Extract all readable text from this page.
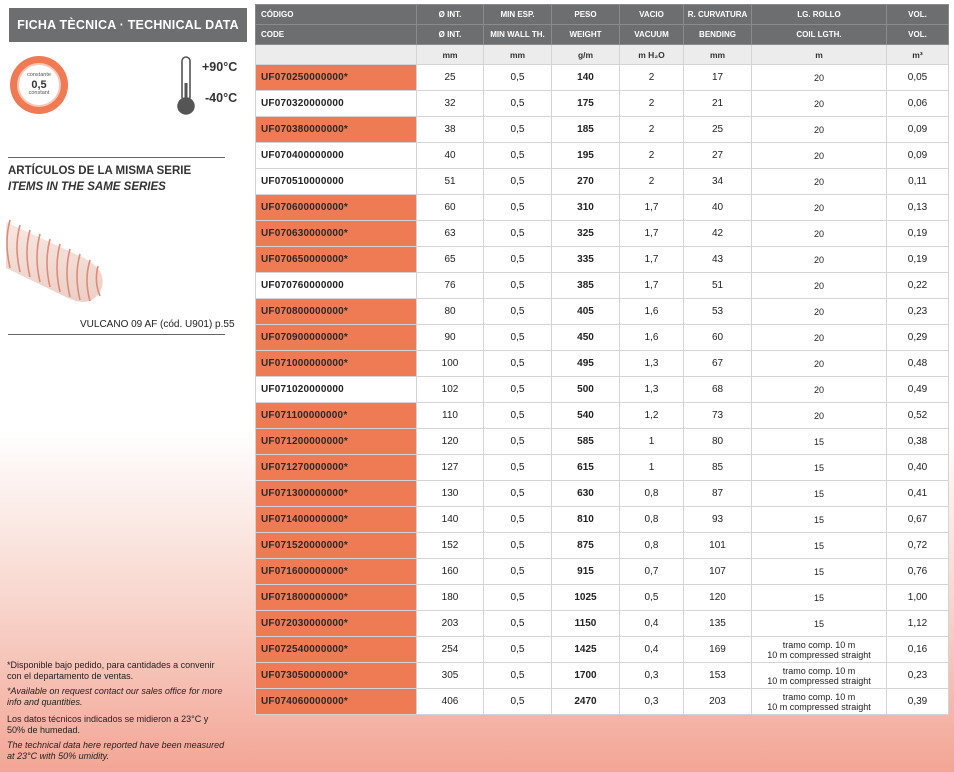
FICHA TÈCNICA · TECHNICAL DATA
constante
0,5
constant
+90°C
-40°C
ARTÍCULOS DE LA MISMA SERIE
ITEMS IN THE SAME SERIES
VULCANO 09 AF (cód. U901) p.55

*Disponible bajo pedido, para cantidades a convenir con el departamento de ventas.

*Available on request contact our sales office for more info and quantities.

Los datos técnicos indicados se midieron a 23°C y 50% de humedad.

The technical data here reported have been measured at 23°C with 50% umidity.

CÓDIGO	Ø INT.	MIN ESP.	PESO	VACIO	R. CURVATURA	LG. ROLLO	VOL.
CODE	Ø INT.	MIN WALL TH.	WEIGHT	VACUUM	BENDING	COIL LGTH.	VOL.
	mm	mm	g/m	m H₂O	mm	m	m³
UF070250000000*	25	0,5	140	2	17	20	0,05
UF070320000000	32	0,5	175	2	21	20	0,06
UF070380000000*	38	0,5	185	2	25	20	0,09
UF070400000000	40	0,5	195	2	27	20	0,09
UF070510000000	51	0,5	270	2	34	20	0,11
UF070600000000*	60	0,5	310	1,7	40	20	0,13
UF070630000000*	63	0,5	325	1,7	42	20	0,19
UF070650000000*	65	0,5	335	1,7	43	20	0,19
UF070760000000	76	0,5	385	1,7	51	20	0,22
UF070800000000*	80	0,5	405	1,6	53	20	0,23
UF070900000000*	90	0,5	450	1,6	60	20	0,29
UF071000000000*	100	0,5	495	1,3	67	20	0,48
UF071020000000	102	0,5	500	1,3	68	20	0,49
UF071100000000*	110	0,5	540	1,2	73	20	0,52
UF071200000000*	120	0,5	585	1	80	15	0,38
UF071270000000*	127	0,5	615	1	85	15	0,40
UF071300000000*	130	0,5	630	0,8	87	15	0,41
UF071400000000*	140	0,5	810	0,8	93	15	0,67
UF071520000000*	152	0,5	875	0,8	101	15	0,72
UF071600000000*	160	0,5	915	0,7	107	15	0,76
UF071800000000*	180	0,5	1025	0,5	120	15	1,00
UF072030000000*	203	0,5	1150	0,4	135	15	1,12
UF072540000000*	254	0,5	1425	0,4	169	tramo comp. 10 m
10 m compressed straight	0,16
UF073050000000*	305	0,5	1700	0,3	153	tramo comp. 10 m
10 m compressed straight	0,23
UF074060000000*	406	0,5	2470	0,3	203	tramo comp. 10 m
10 m compressed straight	0,39
